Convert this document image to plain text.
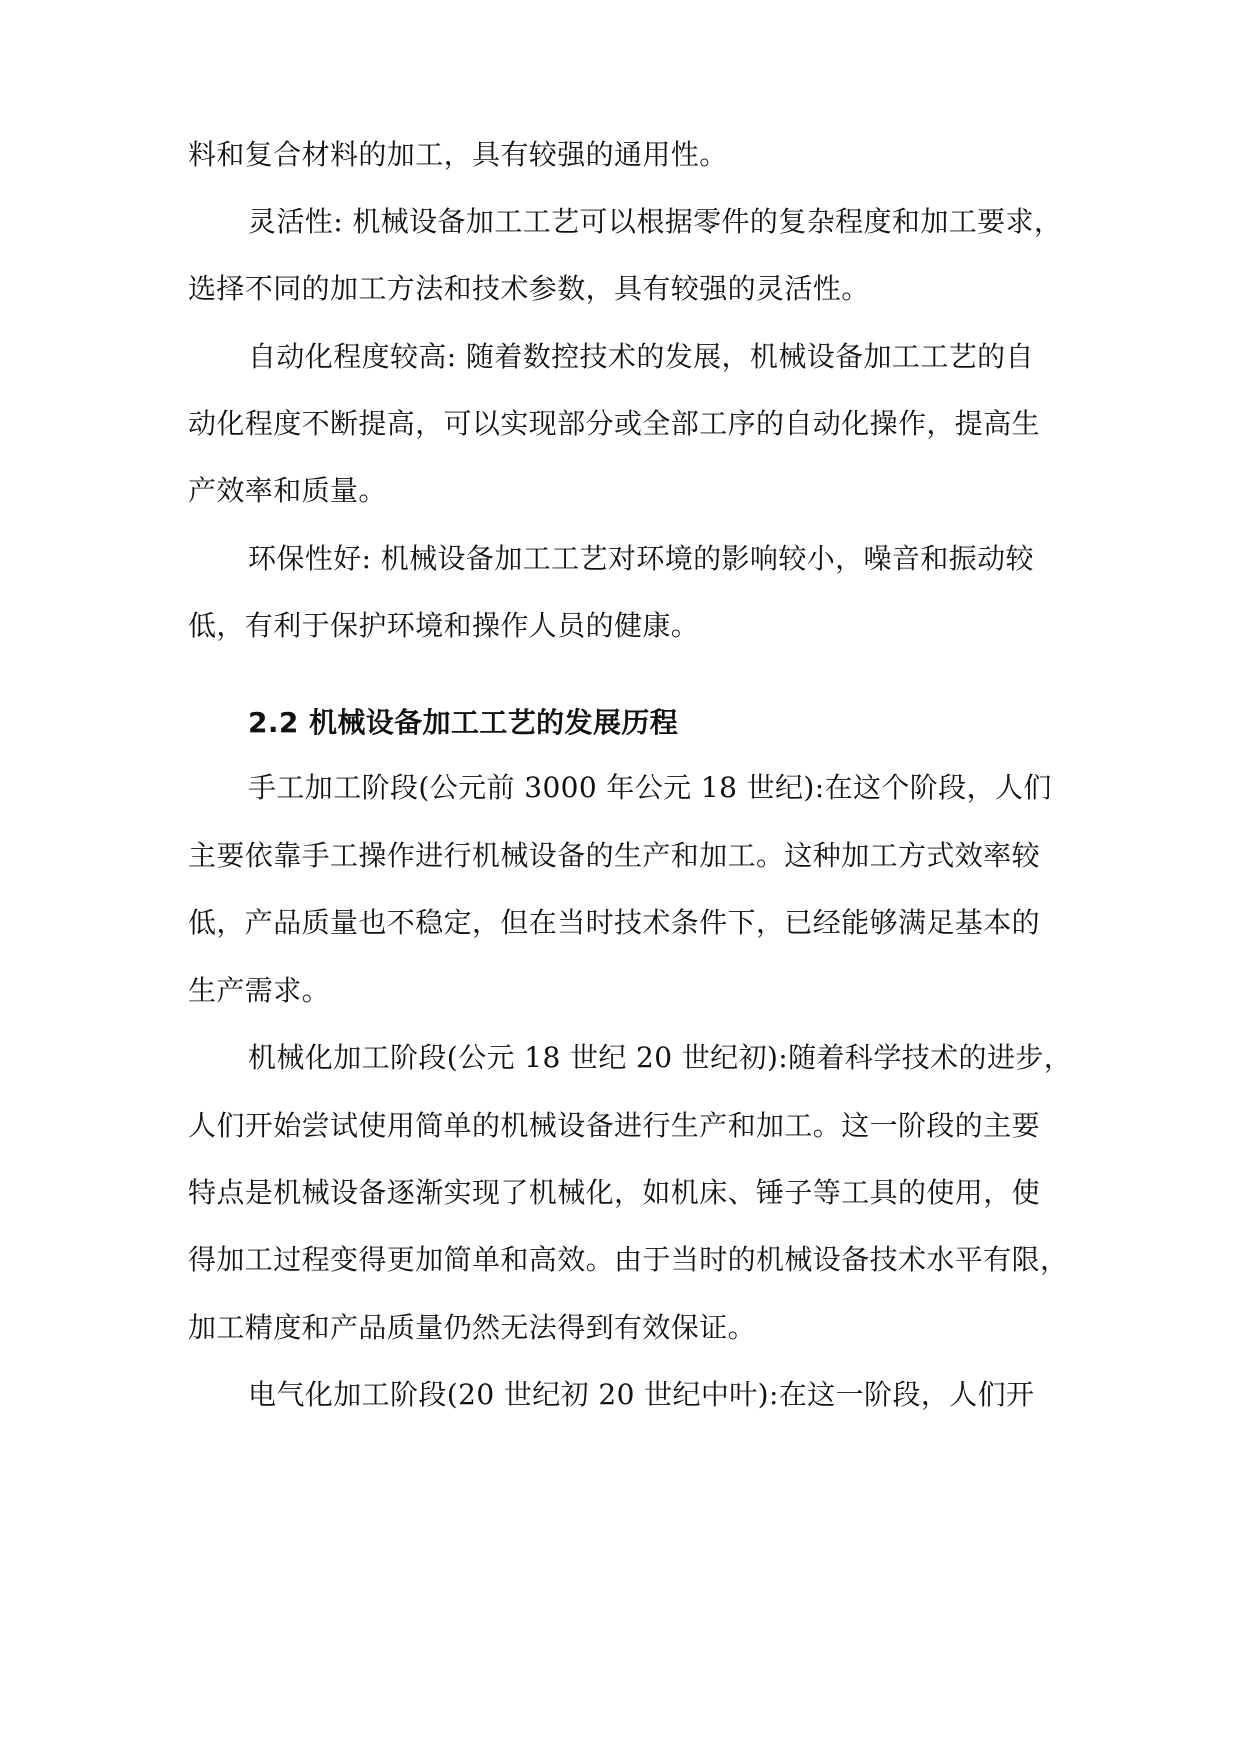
料和复合材料的加工，具有较强的通用性。
灵活性: 机械设备加工工艺可以根据零件的复杂程度和加工要求，
选择不同的加工方法和技术参数，具有较强的灵活性。
自动化程度较高: 随着数控技术的发展，机械设备加工工艺的自
动化程度不断提高，可以实现部分或全部工序的自动化操作，提高生
产效率和质量。
环保性好: 机械设备加工工艺对环境的影响较小，噪音和振动较
低，有利于保护环境和操作人员的健康。
2.2 机械设备加工工艺的发展历程
手工加工阶段(公元前 3000 年公元 18 世纪):在这个阶段，人们
主要依靠手工操作进行机械设备的生产和加工。这种加工方式效率较
低，产品质量也不稳定，但在当时技术条件下，已经能够满足基本的
生产需求。
机械化加工阶段(公元 18 世纪 20 世纪初):随着科学技术的进步，
人们开始尝试使用简单的机械设备进行生产和加工。这一阶段的主要
特点是机械设备逐渐实现了机械化，如机床、锤子等工具的使用，使
得加工过程变得更加简单和高效。由于当时的机械设备技术水平有限，
加工精度和产品质量仍然无法得到有效保证。
电气化加工阶段(20 世纪初 20 世纪中叶):在这一阶段，人们开
